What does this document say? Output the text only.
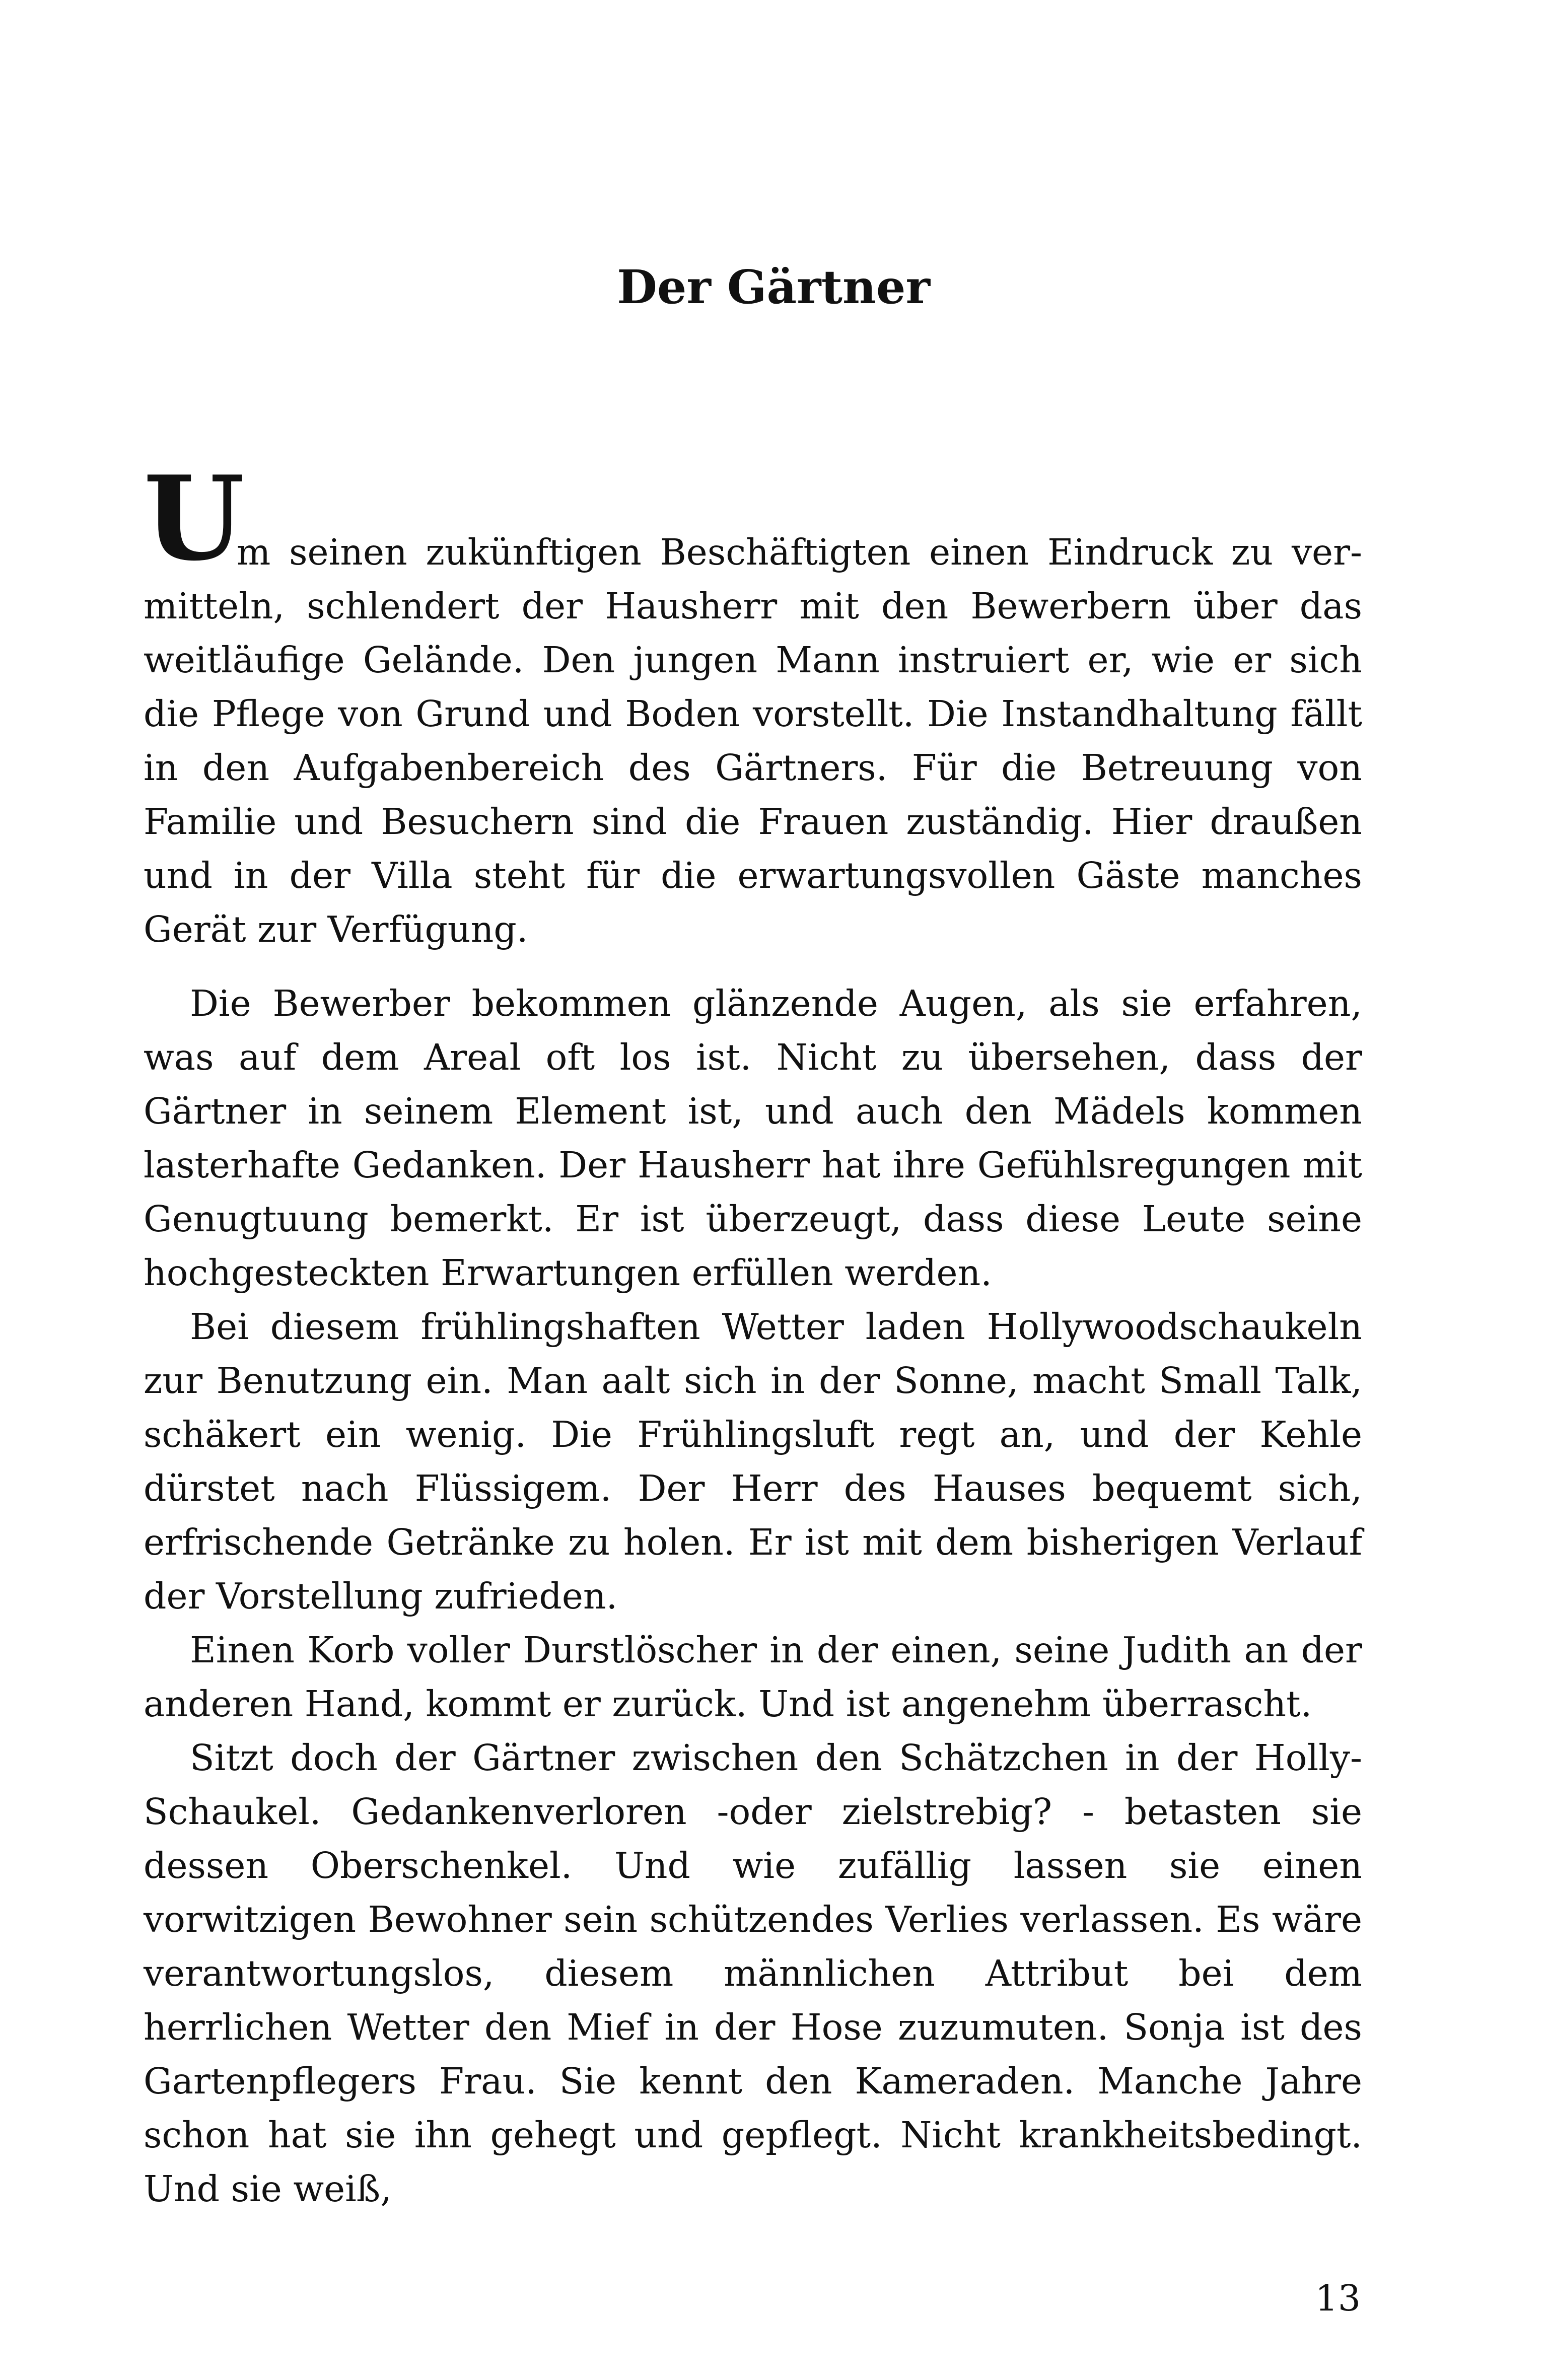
Der Gärtner
U
m seinen zukünftigen Beschäftigten einen Eindruck zu ver-
mitteln, schlendert der Hausherr mit den Bewerbern über das weitläufige Gelände. Den jungen Mann instruiert er, wie er sich die Pflege von Grund und Boden vorstellt. Die Instandhaltung fällt in den Aufgabenbereich des Gärtners. Für die Betreuung von Familie und Besuchern sind die Frauen zuständig. Hier draußen und in der Villa steht für die erwartungsvollen Gäste manches Gerät zur Verfügung.

Die Bewerber bekommen glänzende Augen, als sie erfahren, was auf dem Areal oft los ist. Nicht zu übersehen, dass der Gärtner in seinem Element ist, und auch den Mädels kommen lasterhafte Gedanken. Der Hausherr hat ihre Gefühlsregungen mit Genugtuung bemerkt. Er ist überzeugt, dass diese Leute seine hochgesteckten Erwartungen erfüllen werden.

Bei diesem frühlingshaften Wetter laden Hollywoodschaukeln zur Benutzung ein. Man aalt sich in der Sonne, macht Small Talk, schäkert ein wenig. Die Frühlingsluft regt an, und der Kehle dürstet nach Flüssigem. Der Herr des Hauses bequemt sich, erfrischende Getränke zu holen. Er ist mit dem bisherigen Verlauf der Vorstellung zufrieden.

Einen Korb voller Durstlöscher in der einen, seine Judith an der anderen Hand, kommt er zurück. Und ist angenehm überrascht.

Sitzt doch der Gärtner zwischen den Schätzchen in der Holly-Schaukel. Gedankenverloren -oder zielstrebig? - betasten sie dessen Oberschenkel. Und wie zufällig lassen sie einen vorwitzigen Bewohner sein schützendes Verlies verlassen. Es wäre verantwortungslos, diesem männlichen Attribut bei dem herrlichen Wetter den Mief in der Hose zuzumuten. Sonja ist des Gartenpflegers Frau. Sie kennt den Kameraden. Manche Jahre schon hat sie ihn gehegt und gepflegt. Nicht krankheitsbedingt. Und sie weiß,

13
